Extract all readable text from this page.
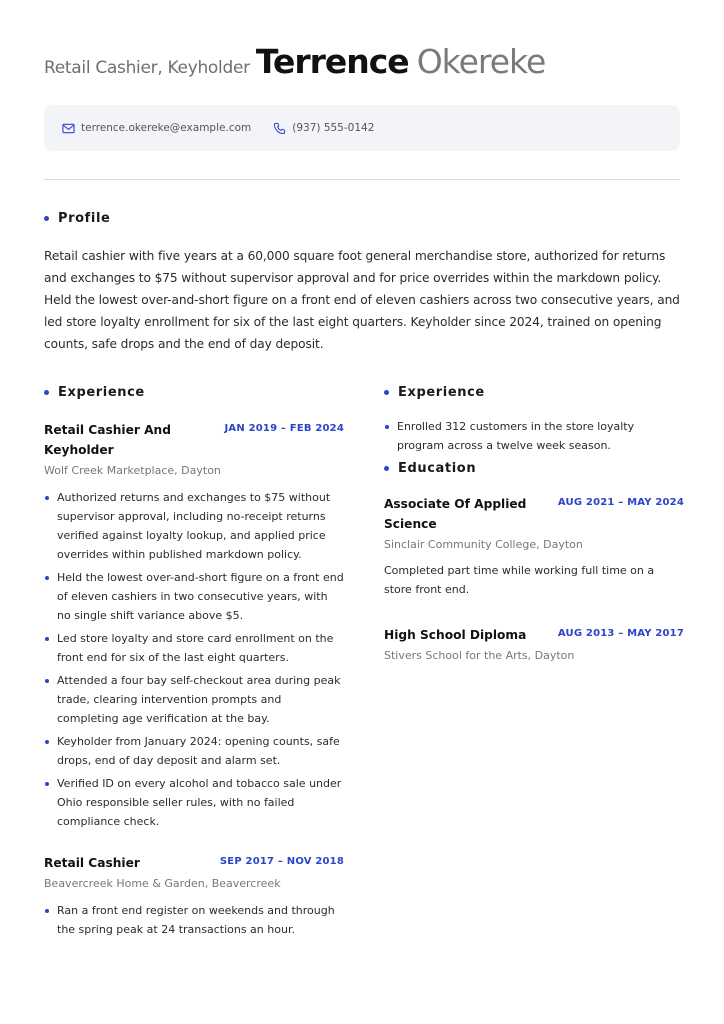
Retail Cashier, Keyholder Terrence Okereke
terrence.okereke@example.com	(937) 555-0142
Profile

Retail cashier with five years at a 60,000 square foot general merchandise store, authorized for returns and exchanges to $75 without supervisor approval and for price overrides within the markdown policy. Held the lowest over-and-short figure on a front end of eleven cashiers across two consecutive years, and led store loyalty enrollment for six of the last eight quarters. Keyholder since 2024, trained on opening counts, safe drops and the end of day deposit.

Experience
Retail Cashier And Keyholder
JAN 2019 – FEB 2024
Wolf Creek Marketplace, Dayton
Authorized returns and exchanges to $75 without supervisor approval, including no-receipt returns verified against loyalty lookup, and applied price overrides within published markdown policy.
Held the lowest over-and-short figure on a front end of eleven cashiers in two consecutive years, with no single shift variance above $5.
Led store loyalty and store card enrollment on the front end for six of the last eight quarters.
Attended a four bay self-checkout area during peak trade, clearing intervention prompts and completing age verification at the bay.
Keyholder from January 2024: opening counts, safe drops, end of day deposit and alarm set.
Verified ID on every alcohol and tobacco sale under Ohio responsible seller rules, with no failed compliance check.
Retail Cashier	SEP 2017 – NOV 2018
Beavercreek Home & Garden, Beavercreek
Ran a front end register on weekends and through the spring peak at 24 transactions an hour.
Experience
Enrolled 312 customers in the store loyalty program across a twelve week season.
Education
Associate Of Applied Science
AUG 2021 – MAY 2024
Sinclair Community College, Dayton

Completed part time while working full time on a store front end.

High School Diploma	AUG 2013 – MAY 2017
Stivers School for the Arts, Dayton
